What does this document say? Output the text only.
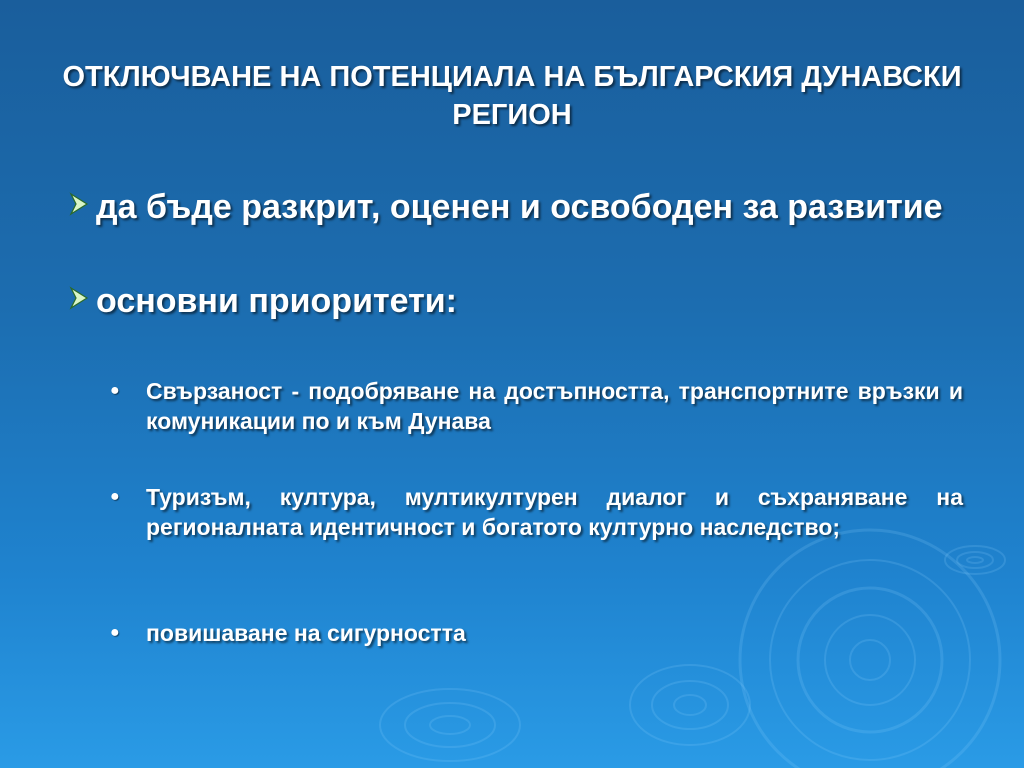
ОТКЛЮЧВАНЕ НА ПОТЕНЦИАЛА НА БЪЛГАРСКИЯ ДУНАВСКИ РЕГИОН
да бъде разкрит, оценен и освободен за развитие
основни приоритети:
●	Свързаност - подобряване на достъпността, транспортните връзки и комуникации по и към Дунава
●	Туризъм, култура, мултикултурен диалог и съхраняване на регионалната идентичност и богатото културно наследство;
●	повишаване на сигурността
